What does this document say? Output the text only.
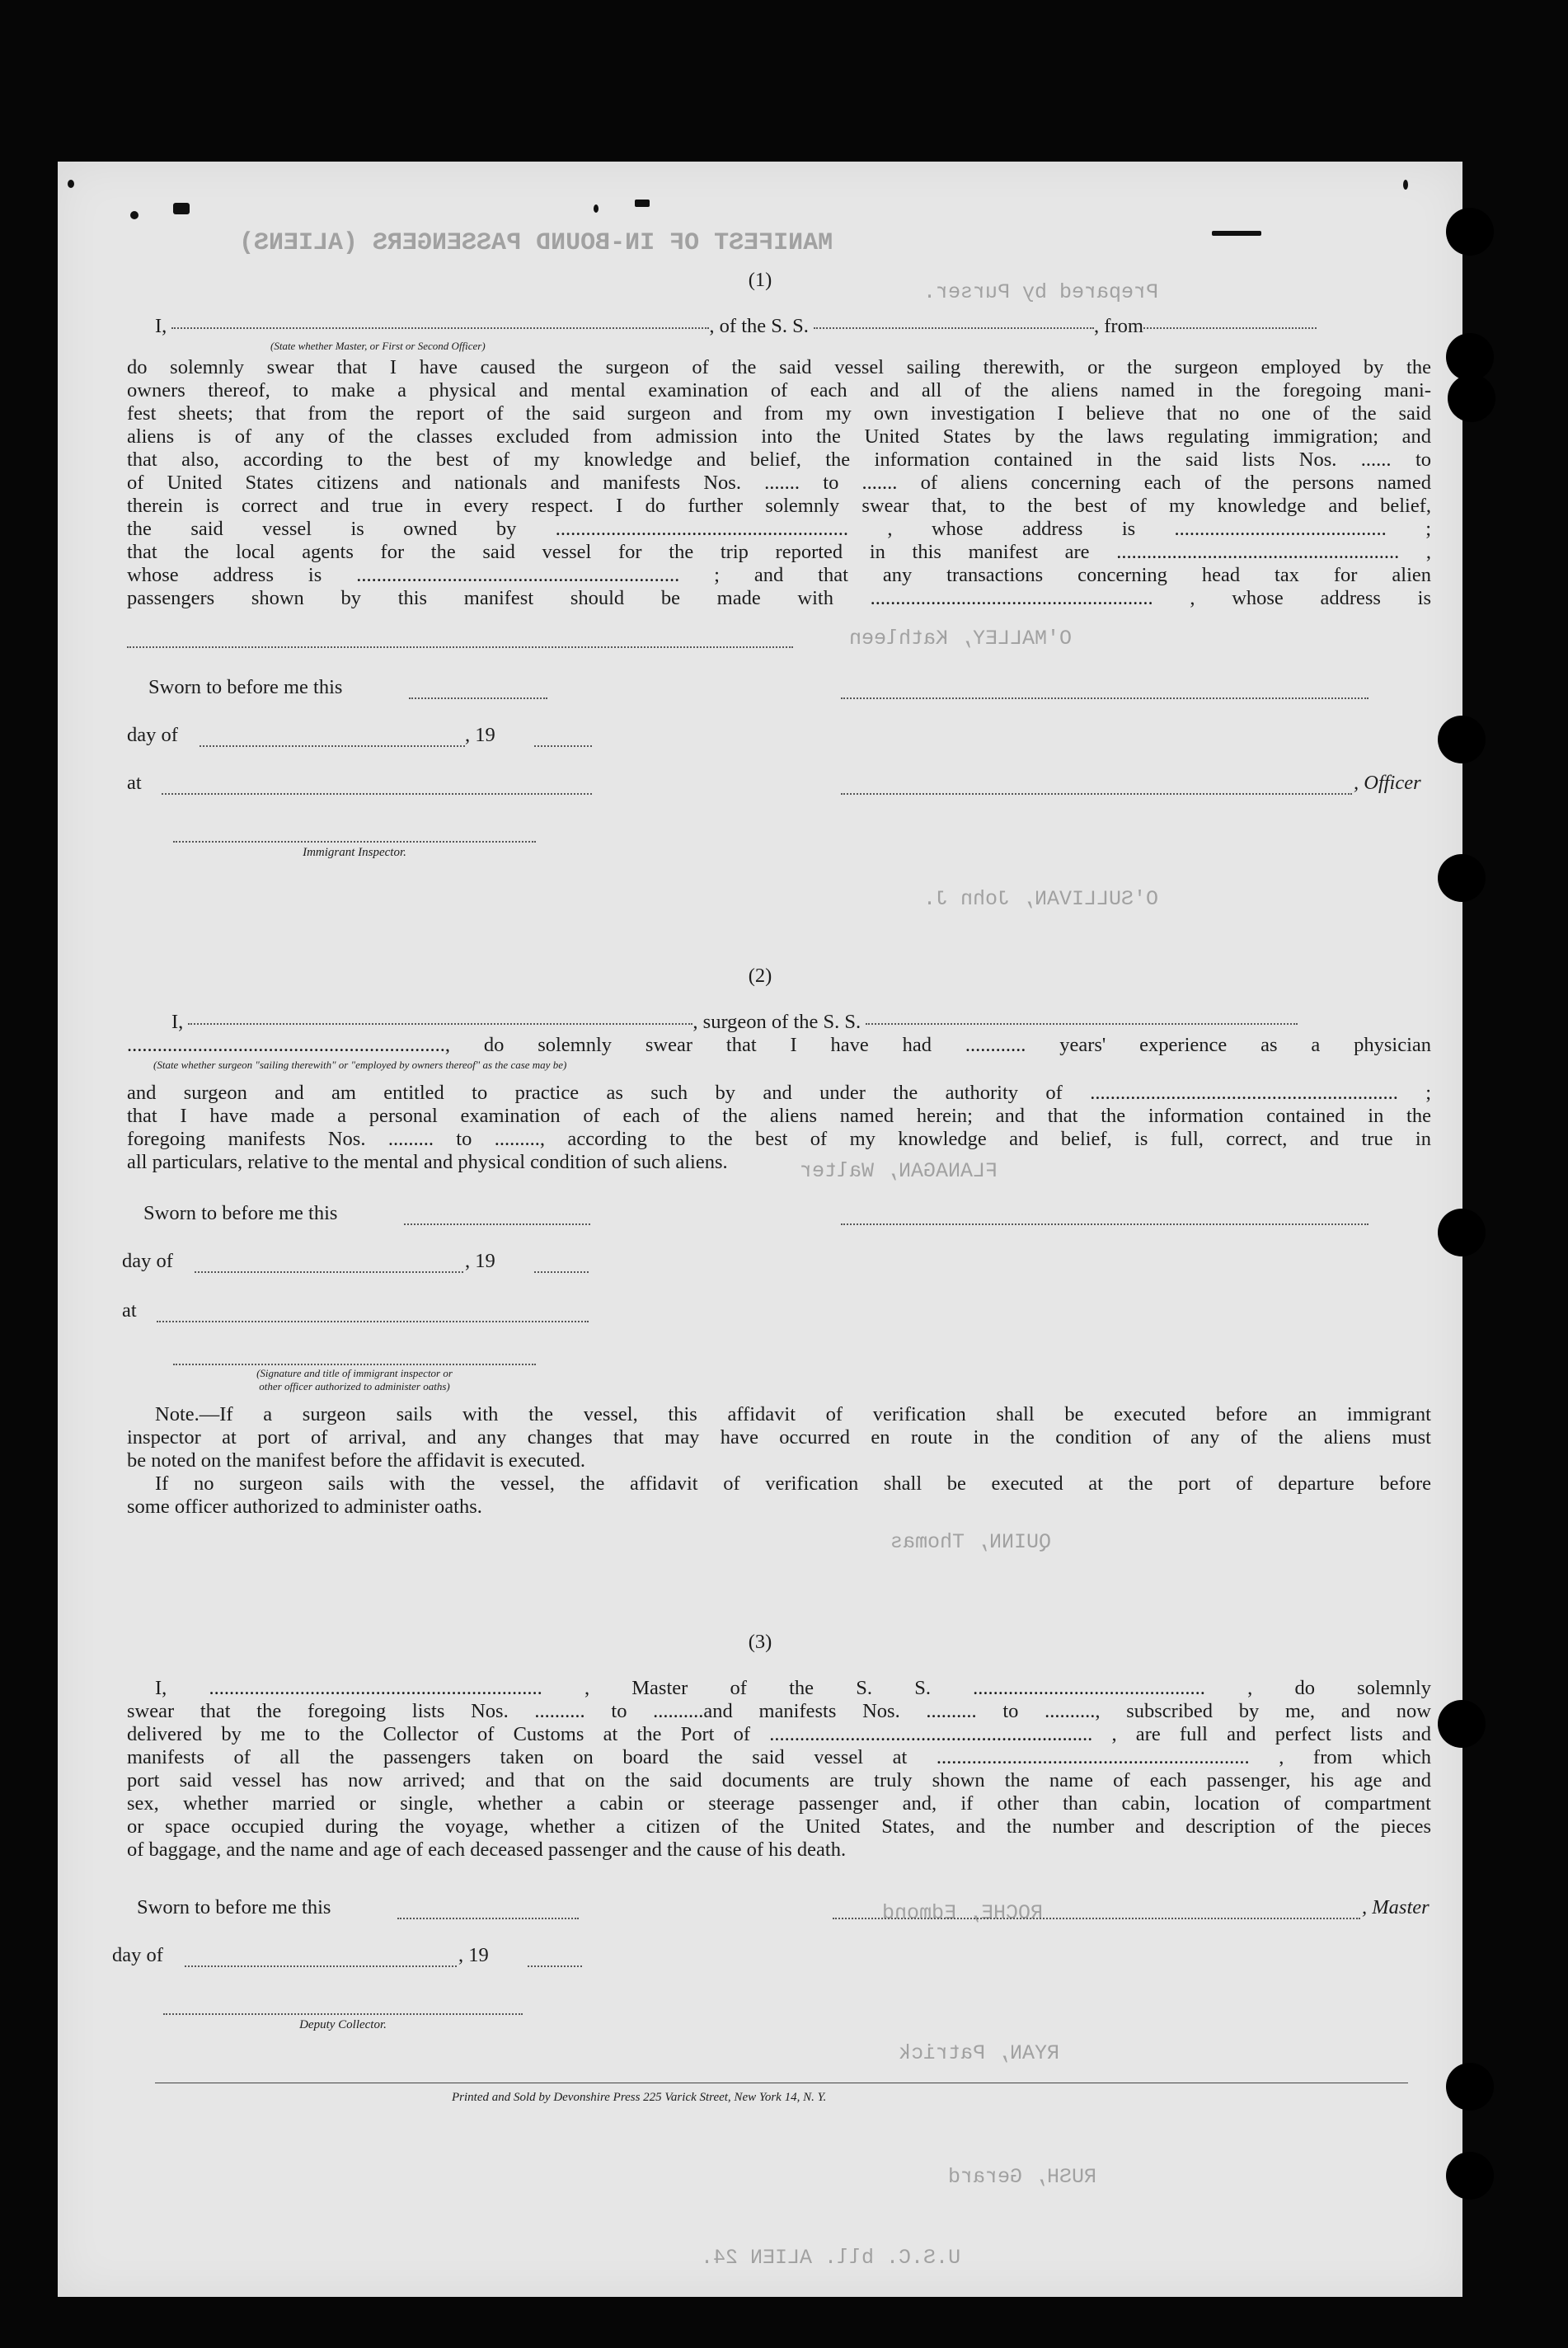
MANIFEST OF IN-BOUND PASSENGERS (ALIENS)
Prepared by Purser.
O'MALLEY, Kathleen
O'SULLIVAN, John J.
FLANAGAN, Walter
QUINN, Thomas
ROCHE, Edmond
RYAN, Patrick
RUSH, Gerard
U.S.C. bll. ALIEN 24.
(1)
I,	, of the S. S.	, from
(State whether Master, or First or Second Officer)
do solemnly swear that I have caused the surgeon of the said vessel sailing therewith, or the surgeon employed by the
owners thereof, to make a physical and mental examination of each and all of the aliens named in the foregoing mani-
fest sheets; that from the report of the said surgeon and from my own investigation I believe that no one of the said
aliens is of any of the classes excluded from admission into the United States by the laws regulating immigration; and
that also, according to the best of my knowledge and belief, the information contained in the said lists Nos. ...... to
of United States citizens and nationals and manifests Nos. ....... to ....... of aliens concerning each of the persons named
therein is correct and true in every respect. I do further solemnly swear that, to the best of my knowledge and belief,
the said vessel is owned by .......................................................... , whose address is .......................................... ;
that the local agents for the said vessel for the trip reported in this manifest are ........................................................ ,
whose address is ................................................................ ; and that any transactions concerning head tax for alien
passengers shown by this manifest should be made with ........................................................ , whose address is
Sworn to before me this
day of	, 19
at	, Officer
Immigrant Inspector.
(2)
I,	, surgeon of the S. S.
..............................................................., do solemnly swear that I have had ............ years' experience as a physician
(State whether surgeon "sailing therewith" or "employed by owners thereof" as the case may be)
and surgeon and am entitled to practice as such by and under the authority of ............................................................. ;
that I have made a personal examination of each of the aliens named herein; and that the information contained in the
foregoing manifests Nos. ......... to ........., according to the best of my knowledge and belief, is full, correct, and true in
all particulars, relative to the mental and physical condition of such aliens.
Sworn to before me this
day of	, 19
at
(Signature and title of immigrant inspector or
other officer authorized to administer oaths)
Note.—If a surgeon sails with the vessel, this affidavit of verification shall be executed before an immigrant
inspector at port of arrival, and any changes that may have occurred en route in the condition of any of the aliens must
be noted on the manifest before the affidavit is executed.
If no surgeon sails with the vessel, the affidavit of verification shall be executed at the port of departure before
some officer authorized to administer oaths.
(3)
I, .................................................................. , Master of the S. S. .............................................. , do solemnly
swear that the foregoing lists Nos. .......... to ..........and manifests Nos. .......... to .........., subscribed by me, and now
delivered by me to the Collector of Customs at the Port of ................................................................ , are full and perfect lists and
manifests of all the passengers taken on board the said vessel at .............................................................. , from which
port said vessel has now arrived; and that on the said documents are truly shown the name of each passenger, his age and
sex, whether married or single, whether a cabin or steerage passenger and, if other than cabin, location of compartment
or space occupied during the voyage, whether a citizen of the United States, and the number and description of the pieces
of baggage, and the name and age of each deceased passenger and the cause of his death.
Sworn to before me this	, Master
day of	, 19
Deputy Collector.
Printed and Sold by Devonshire Press 225 Varick Street, New York 14, N. Y.
